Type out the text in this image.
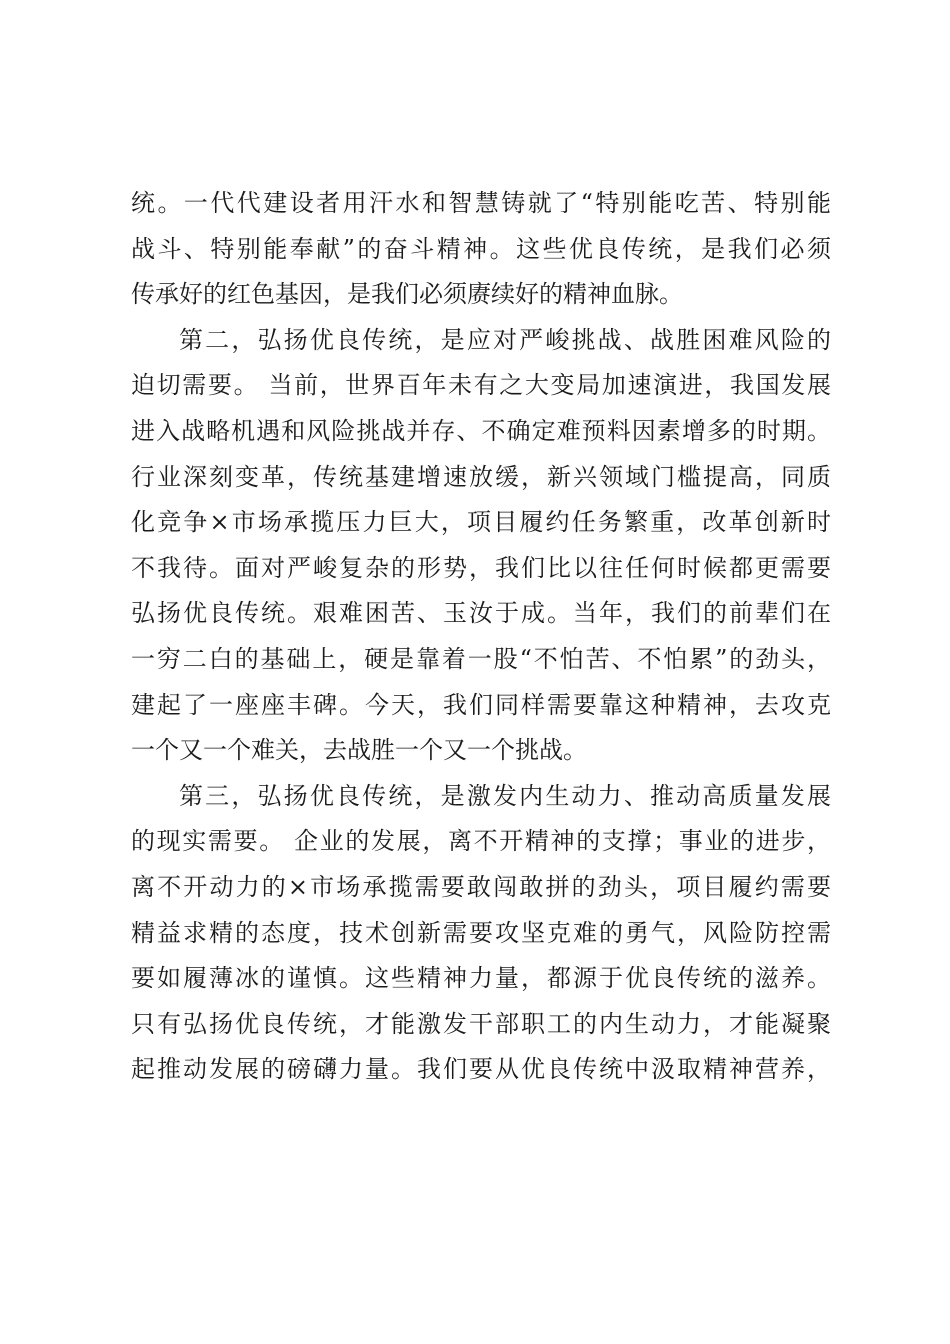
统。一代代建设者用汗水和智慧铸就了“特别能吃苦、特别能
战斗、特别能奉献”的奋斗精神。这些优良传统，是我们必须
传承好的红色基因，是我们必须赓续好的精神血脉。
第二，弘扬优良传统，是应对严峻挑战、战胜困难风险的
迫切需要。 当前，世界百年未有之大变局加速演进，我国发展
进入战略机遇和风险挑战并存、不确定难预料因素增多的时期。
行业深刻变革，传统基建增速放缓，新兴领域门槛提高，同质
化竞争×市场承揽压力巨大，项目履约任务繁重，改革创新时
不我待。面对严峻复杂的形势，我们比以往任何时候都更需要
弘扬优良传统。艰难困苦、玉汝于成。当年，我们的前辈们在
一穷二白的基础上，硬是靠着一股“不怕苦、不怕累”的劲头，
建起了一座座丰碑。今天，我们同样需要靠这种精神，去攻克
一个又一个难关，去战胜一个又一个挑战。
第三，弘扬优良传统，是激发内生动力、推动高质量发展
的现实需要。 企业的发展，离不开精神的支撑；事业的进步，
离不开动力的×市场承揽需要敢闯敢拼的劲头，项目履约需要
精益求精的态度，技术创新需要攻坚克难的勇气，风险防控需
要如履薄冰的谨慎。这些精神力量，都源于优良传统的滋养。
只有弘扬优良传统，才能激发干部职工的内生动力，才能凝聚
起推动发展的磅礴力量。我们要从优良传统中汲取精神营养，
